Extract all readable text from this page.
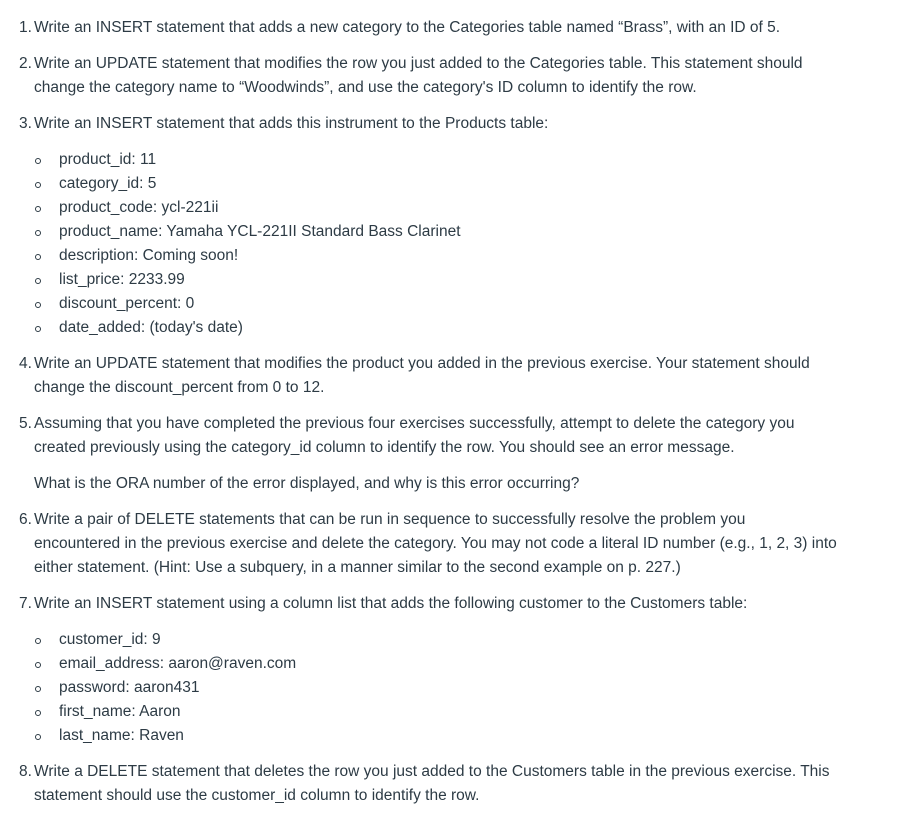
1. Write an INSERT statement that adds a new category to the Categories table named “Brass”, with an ID of 5.
2. Write an UPDATE statement that modifies the row you just added to the Categories table. This statement should
change the category name to “Woodwinds”, and use the category's ID column to identify the row.
3. Write an INSERT statement that adds this instrument to the Products table:
product_id: 11
category_id: 5
product_code: ycl-221ii
product_name: Yamaha YCL-221II Standard Bass Clarinet
description: Coming soon!
list_price: 2233.99
discount_percent: 0
date_added: (today's date)
4. Write an UPDATE statement that modifies the product you added in the previous exercise. Your statement should
change the discount_percent from 0 to 12.
5. Assuming that you have completed the previous four exercises successfully, attempt to delete the category you
created previously using the category_id column to identify the row. You should see an error message.
What is the ORA number of the error displayed, and why is this error occurring?
6. Write a pair of DELETE statements that can be run in sequence to successfully resolve the problem you
encountered in the previous exercise and delete the category. You may not code a literal ID number (e.g., 1, 2, 3) into
either statement. (Hint: Use a subquery, in a manner similar to the second example on p. 227.)
7. Write an INSERT statement using a column list that adds the following customer to the Customers table:
customer_id: 9
email_address: aaron@raven.com
password: aaron431
first_name: Aaron
last_name: Raven
8. Write a DELETE statement that deletes the row you just added to the Customers table in the previous exercise. This
statement should use the customer_id column to identify the row.
